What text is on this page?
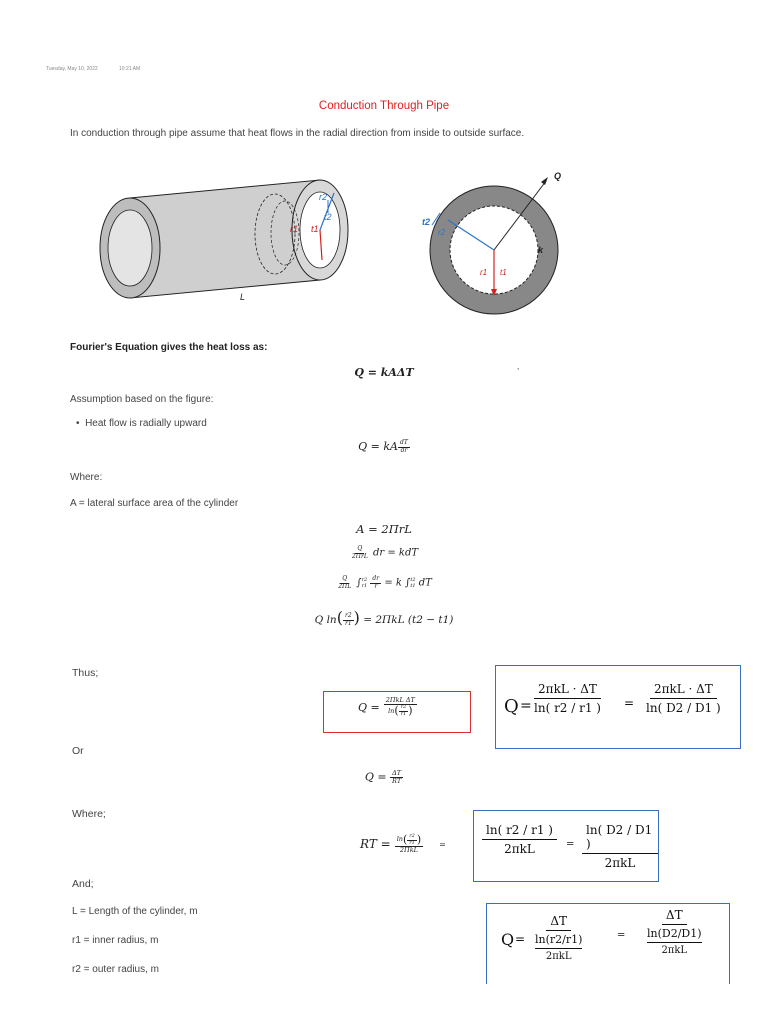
Tuesday, May 10, 2022	10:21 AM
Conduction Through Pipe
In conduction through pipe assume that heat flows in the radial direction from inside to outside surface.
r2
t2
r1 t1
L
Q
t2
r2
k
r1 t1
Fourier's Equation gives the heat loss as:
Q = kAΔT
Assumption based on the figure:
•  Heat flow is radially upward
Q = kA $\frac{dT}{dr}$
Where:
A = lateral surface area of the cylinder
A = 2ΠrL
$\frac{Q}{\text{2ΠrL}}$ dr = kdT
$\frac{Q}{2\Pi L}$ ∫ r2
r1
$\frac{dr}{r} = k$ ∫ t2
t1 dT
Q $\ln( \frac{r2}{r1}$ ) = 2ΠkL (t2 − t1)
Thus;
$Q = \frac{\text{2ΠkL ΔT}}{\ln ( \frac{r2}{r1} )}$	Q =
2πkL · ΔT
ln( r2 / r1 ) =
2πkL · ΔT
ln( D2 / D1 )
Or
$Q = \frac{\Delta T}{RT}$
Where;
RT = $\frac{\ln ( \frac{r2}{r1} )}{\text{2ΠkL}}$ =
ln( r2 / r1 )
2πkL	=
ln( D2 / D1 )
2πkL
And;
L = Length of the cylinder, m
r1 = inner radius, m
r2 = outer radius, m
Q =
ΔT
ln(r2/r1)
2πkL
=
ΔT
ln(D2/D1)
2πkL
,
